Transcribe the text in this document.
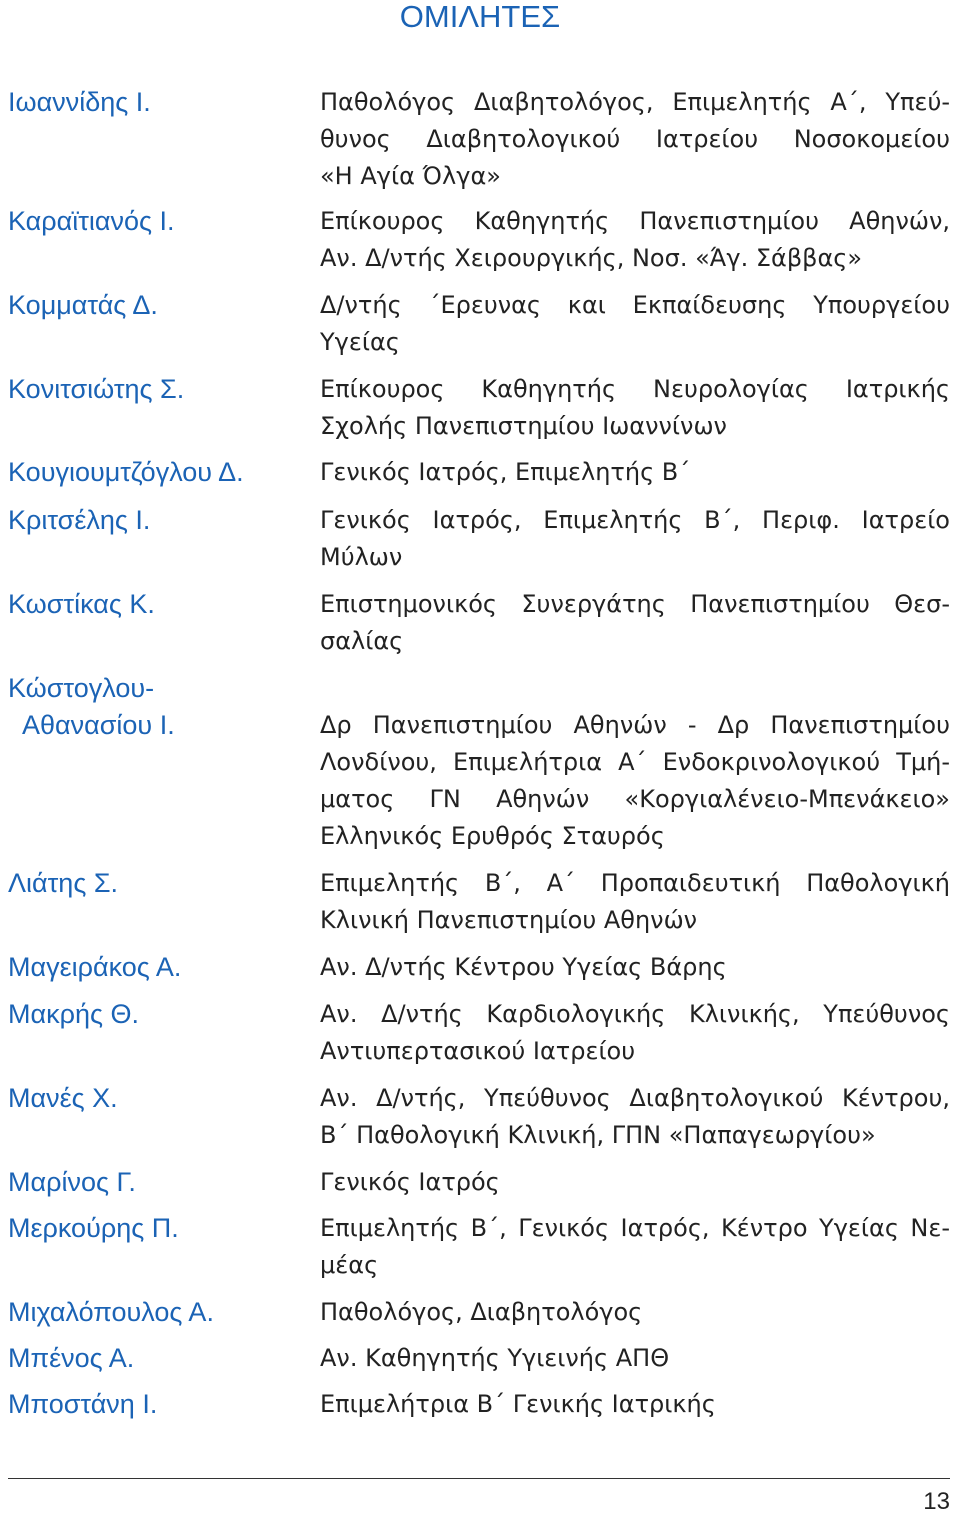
ΟΜΙΛΗΤΕΣ
Ιωαννίδης Ι.	Παθολόγος Διαβητολόγος, Επιμελητής Α΄, Υπεύ-
θυνος Διαβητολογικού Ιατρείου Νοσοκομείου
«Η Αγία Όλγα»
Καραϊτιανός Ι.	Επίκουρος Καθηγητής Πανεπιστημίου Αθηνών,
Αν. Δ/ντής Χειρουργικής, Νοσ. «Άγ. Σάββας»
Κομματάς Δ.	Δ/ντής ΄Ερευνας και Εκπαίδευσης Υπουργείου
Υγείας
Κονιτσιώτης Σ.	Επίκουρος Καθηγητής Νευρολογίας Ιατρικής
Σχολής Πανεπιστημίου Ιωαννίνων
Κουγιουμτζόγλου Δ.	Γενικός Ιατρός, Επιμελητής Β΄
Κριτσέλης Ι.	Γενικός Ιατρός, Επιμελητής Β΄, Περιφ. Ιατρείο
Μύλων
Κωστίκας Κ.	Επιστημονικός Συνεργάτης Πανεπιστημίου Θεσ-
σαλίας
Κώστογλου-
Αθανασίου Ι.	Δρ Πανεπιστημίου Αθηνών - Δρ Πανεπιστημίου
Λονδίνου, Επιμελήτρια Α΄ Ενδοκρινολογικού Τμή-
ματος ΓΝ Αθηνών «Κοργιαλένειο-Μπενάκειο»
Ελληνικός Ερυθρός Σταυρός
Λιάτης Σ.	Επιμελητής Β΄, Α΄ Προπαιδευτική Παθολογική
Κλινική Πανεπιστημίου Αθηνών
Μαγειράκος Α.	Αν. Δ/ντής Κέντρου Υγείας Βάρης
Μακρής Θ.	Αν. Δ/ντής Καρδιολογικής Κλινικής, Υπεύθυνος
Αντιυπερτασικού Ιατρείου
Μανές Χ.	Αν. Δ/ντής, Υπεύθυνος Διαβητολογικού Κέντρου,
Β΄ Παθολογική Κλινική, ΓΠΝ «Παπαγεωργίου»
Μαρίνος Γ.	Γενικός Ιατρός
Μερκούρης Π.	Επιμελητής Β΄, Γενικός Ιατρός, Κέντρο Υγείας Νε-
μέας
Μιχαλόπουλος Α.	Παθολόγος, Διαβητολόγος
Μπένος Α.	Αν. Καθηγητής Υγιεινής ΑΠΘ
Μποστάνη Ι.	Επιμελήτρια Β΄ Γενικής Ιατρικής
13
